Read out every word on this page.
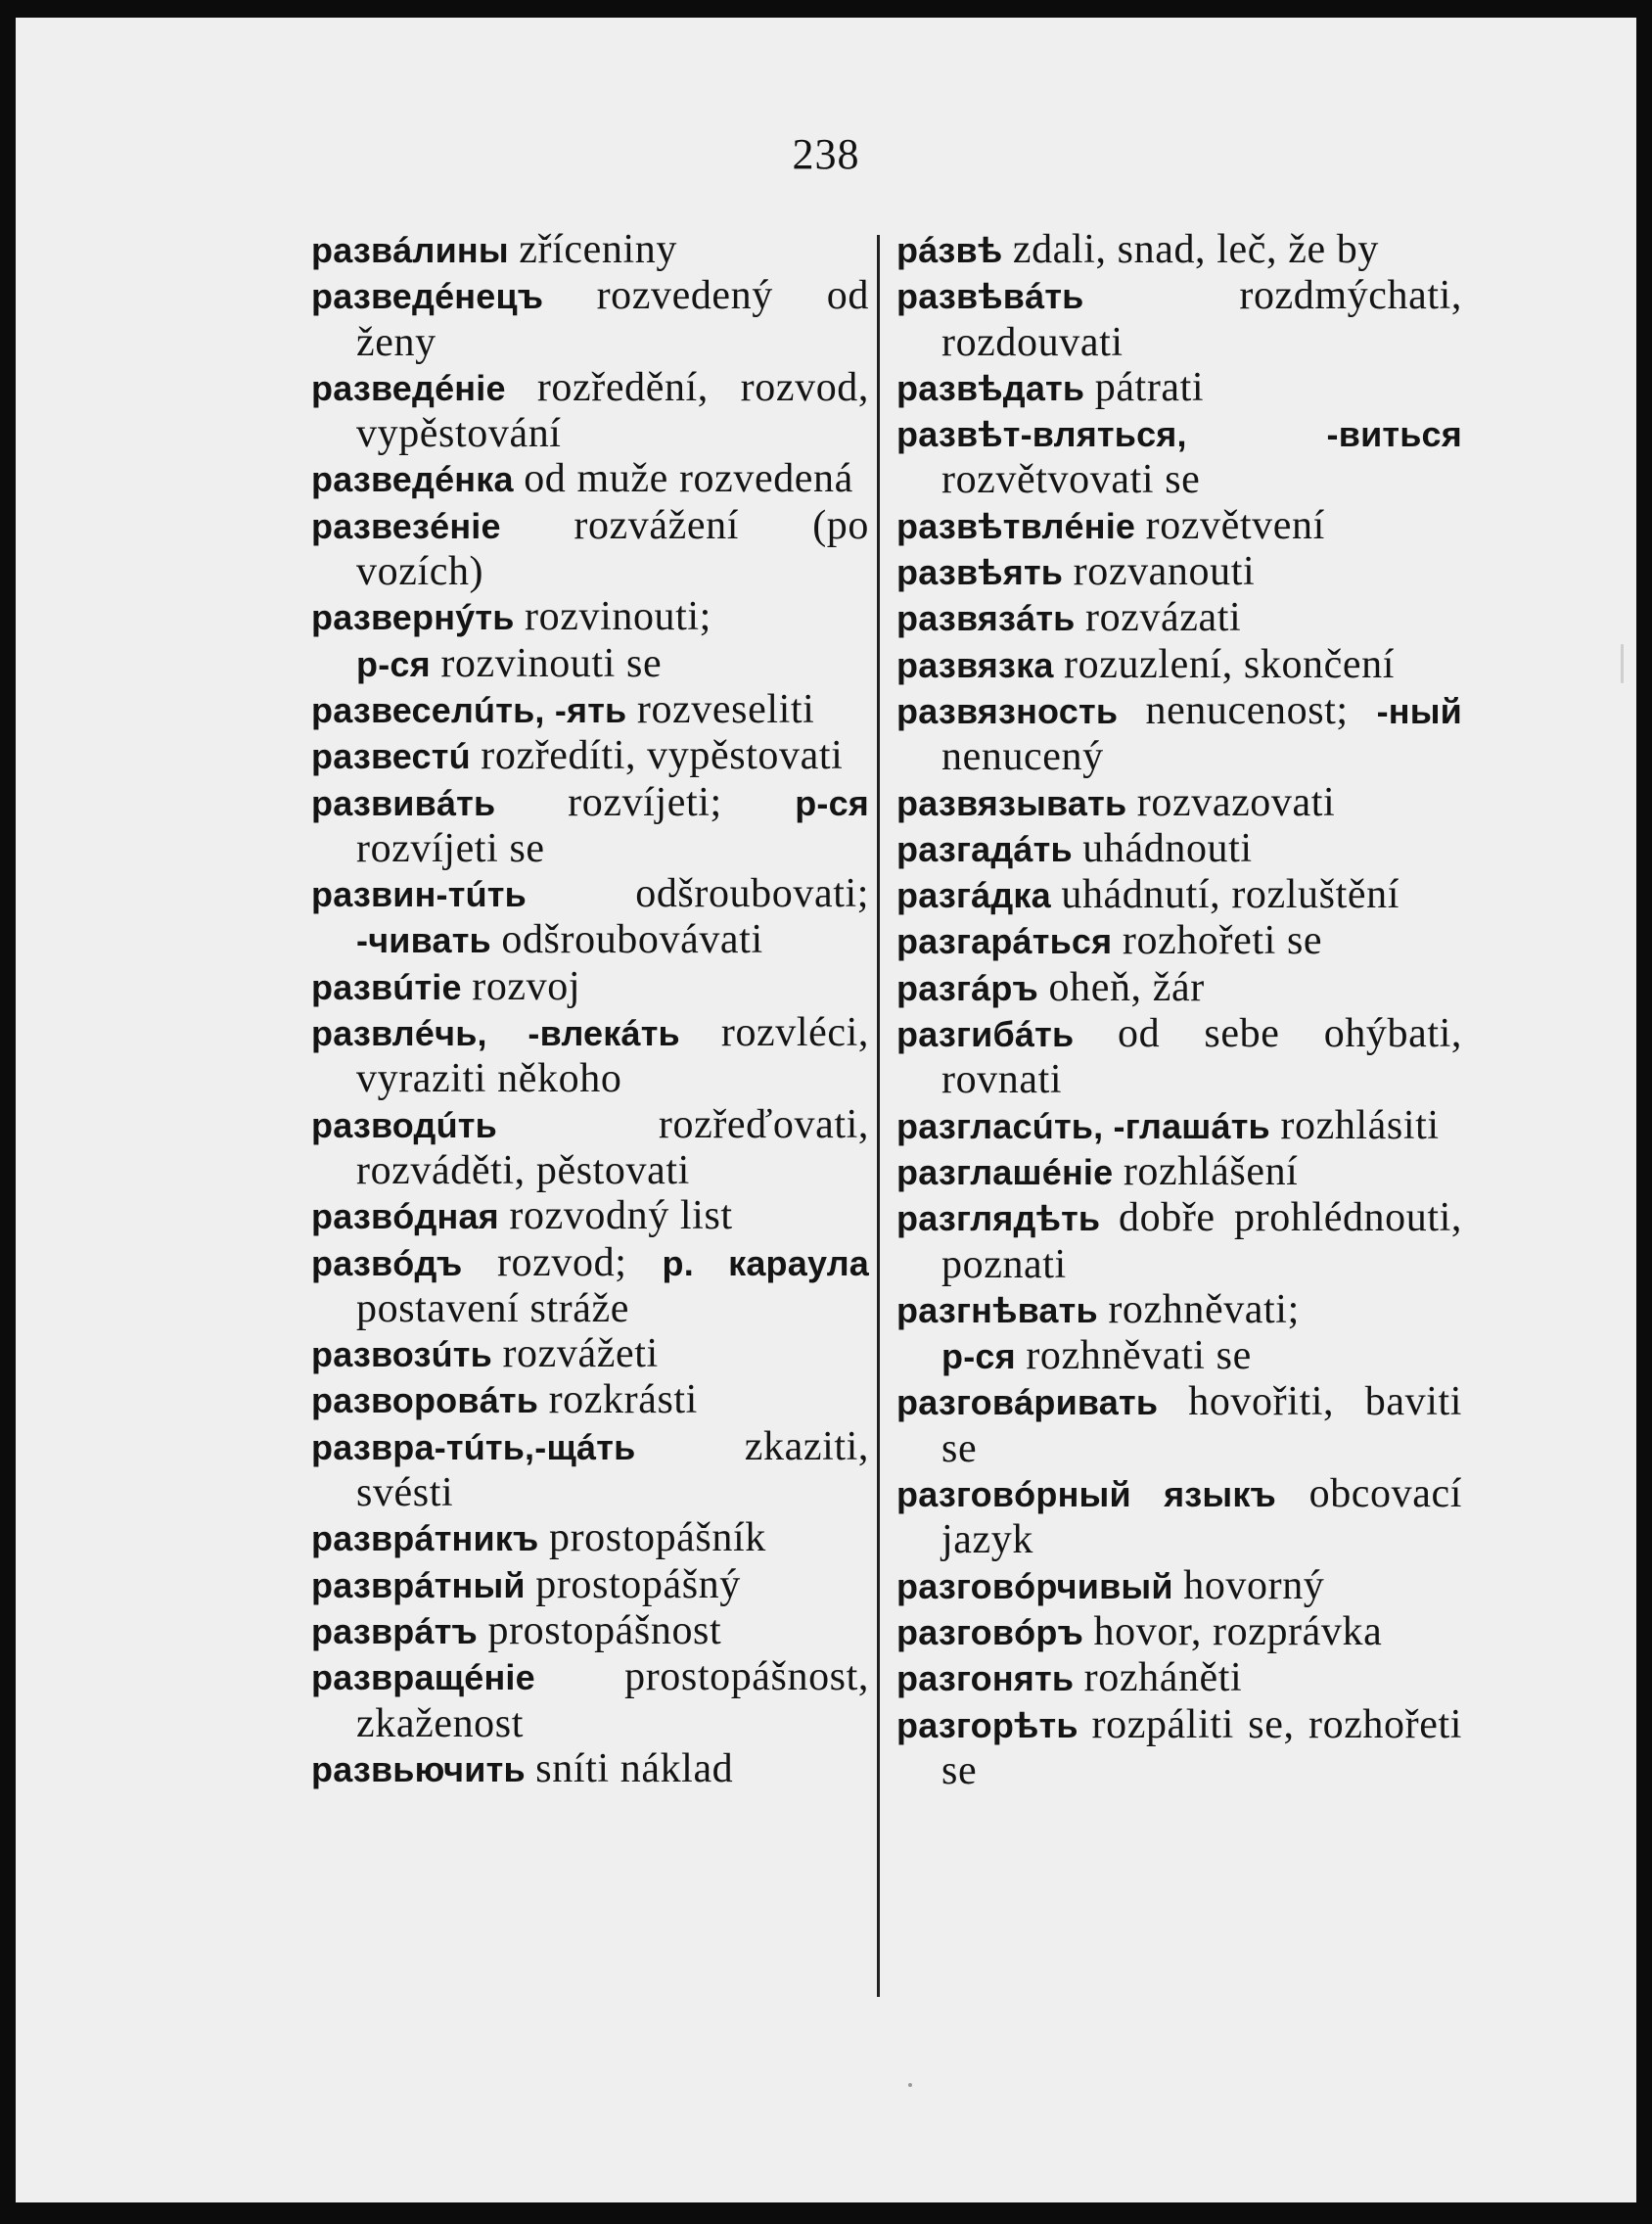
238
развáлины zříceniny
разведéнецъ rozvedený od ženy
разведéнie rozředění, rozvod, vypěstování
разведéнка od muže rozvedená
развезéнie rozvážení (po vozích)
развернýть rozvinouti;
р-ся rozvinouti se
развеселúть, -ять rozveseliti
развестú rozředíti, vypěstovati
развивáть rozvíjeti; р-ся rozvíjeti se
развин-тúть	odšroubovati; -чивать odšroubovávati
развúтie rozvoj
развлéчь, -влекáть rozvléci, vyraziti někoho
разводúть	rozřeďovati, rozváděti, pěstovati
развóдная rozvodný list
развóдъ rozvod; р. караула postavení stráže
развозúть rozvážeti
разворовáть rozkrásti
развра-тúть,-щáть	zkaziti, svésti
разврáтникъ prostopášník
разврáтный prostopášný
разврáтъ prostopášnost
развращéнie prostopášnost, zkaženost
развьючить sníti náklad
рáзвѣ zdali, snad, leč, že by
развѣвáть	rozdmýchati, rozdouvati
развѣдать pátrati
развѣт-влятьcя,	-виться rozvětvovati se
развѣтвлéнie rozvětvení
развѣять rozvanouti
развязáть rozvázati
развязка rozuzlení, skončení
развязность nenucenost; -ный nenucený
развязывать rozvazovati
разгадáть uhádnouti
разгáдка uhádnutí, rozluštění
разгарáться rozhořeti se
разгáръ oheň, žár
разгибáть od sebe ohýbati, rovnati
разгласúть, -глашáть rozhlásiti
разглашéнie rozhlášení
разглядѣть dobře prohlédnouti, poznati
разгнѣвать rozhněvati;
р-ся rozhněvati se
разговáривать hovořiti, baviti se
разговóрный языкъ obcovací jazyk
разговóрчивый hovorný
разговóръ hovor, rozprávka
разгонять rozháněti
разгорѣть rozpáliti se, rozhořeti se
